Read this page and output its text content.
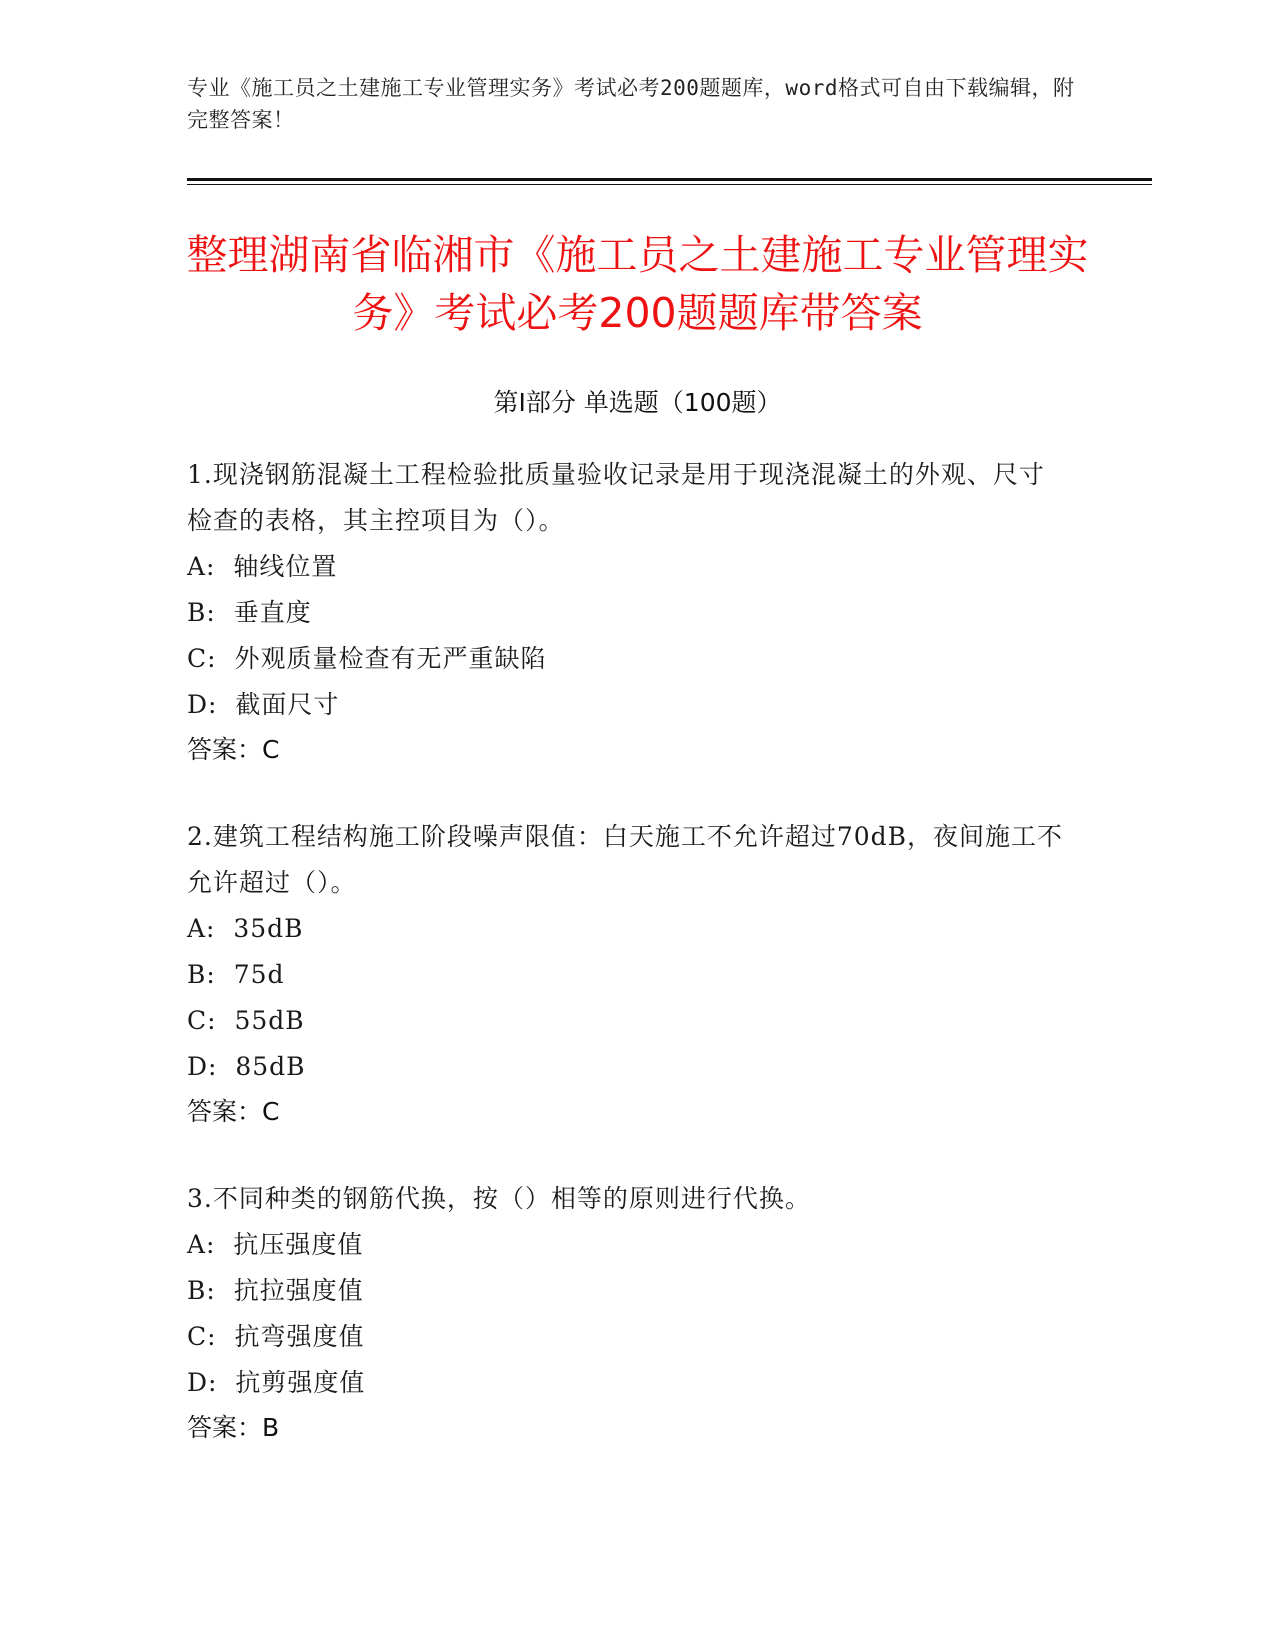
专业《施工员之土建施工专业管理实务》考试必考200题题库，word格式可自由下载编辑，附完整答案！
整理湖南省临湘市《施工员之土建施工专业管理实务》考试必考200题题库带答案
第I部分 单选题（100题）
1.现浇钢筋混凝土工程检验批质量验收记录是用于现浇混凝土的外观、尺寸检查的表格，其主控项目为（）。
A:  轴线位置
B:  垂直度
C:  外观质量检查有无严重缺陷
D:  截面尺寸
答案：C
2.建筑工程结构施工阶段噪声限值：白天施工不允许超过70dB，夜间施工不允许超过（）。
A:  35dB
B:  75d
C:  55dB
D:  85dB
答案：C
3.不同种类的钢筋代换，按（）相等的原则进行代换。
A:  抗压强度值
B:  抗拉强度值
C:  抗弯强度值
D:  抗剪强度值
答案：B
